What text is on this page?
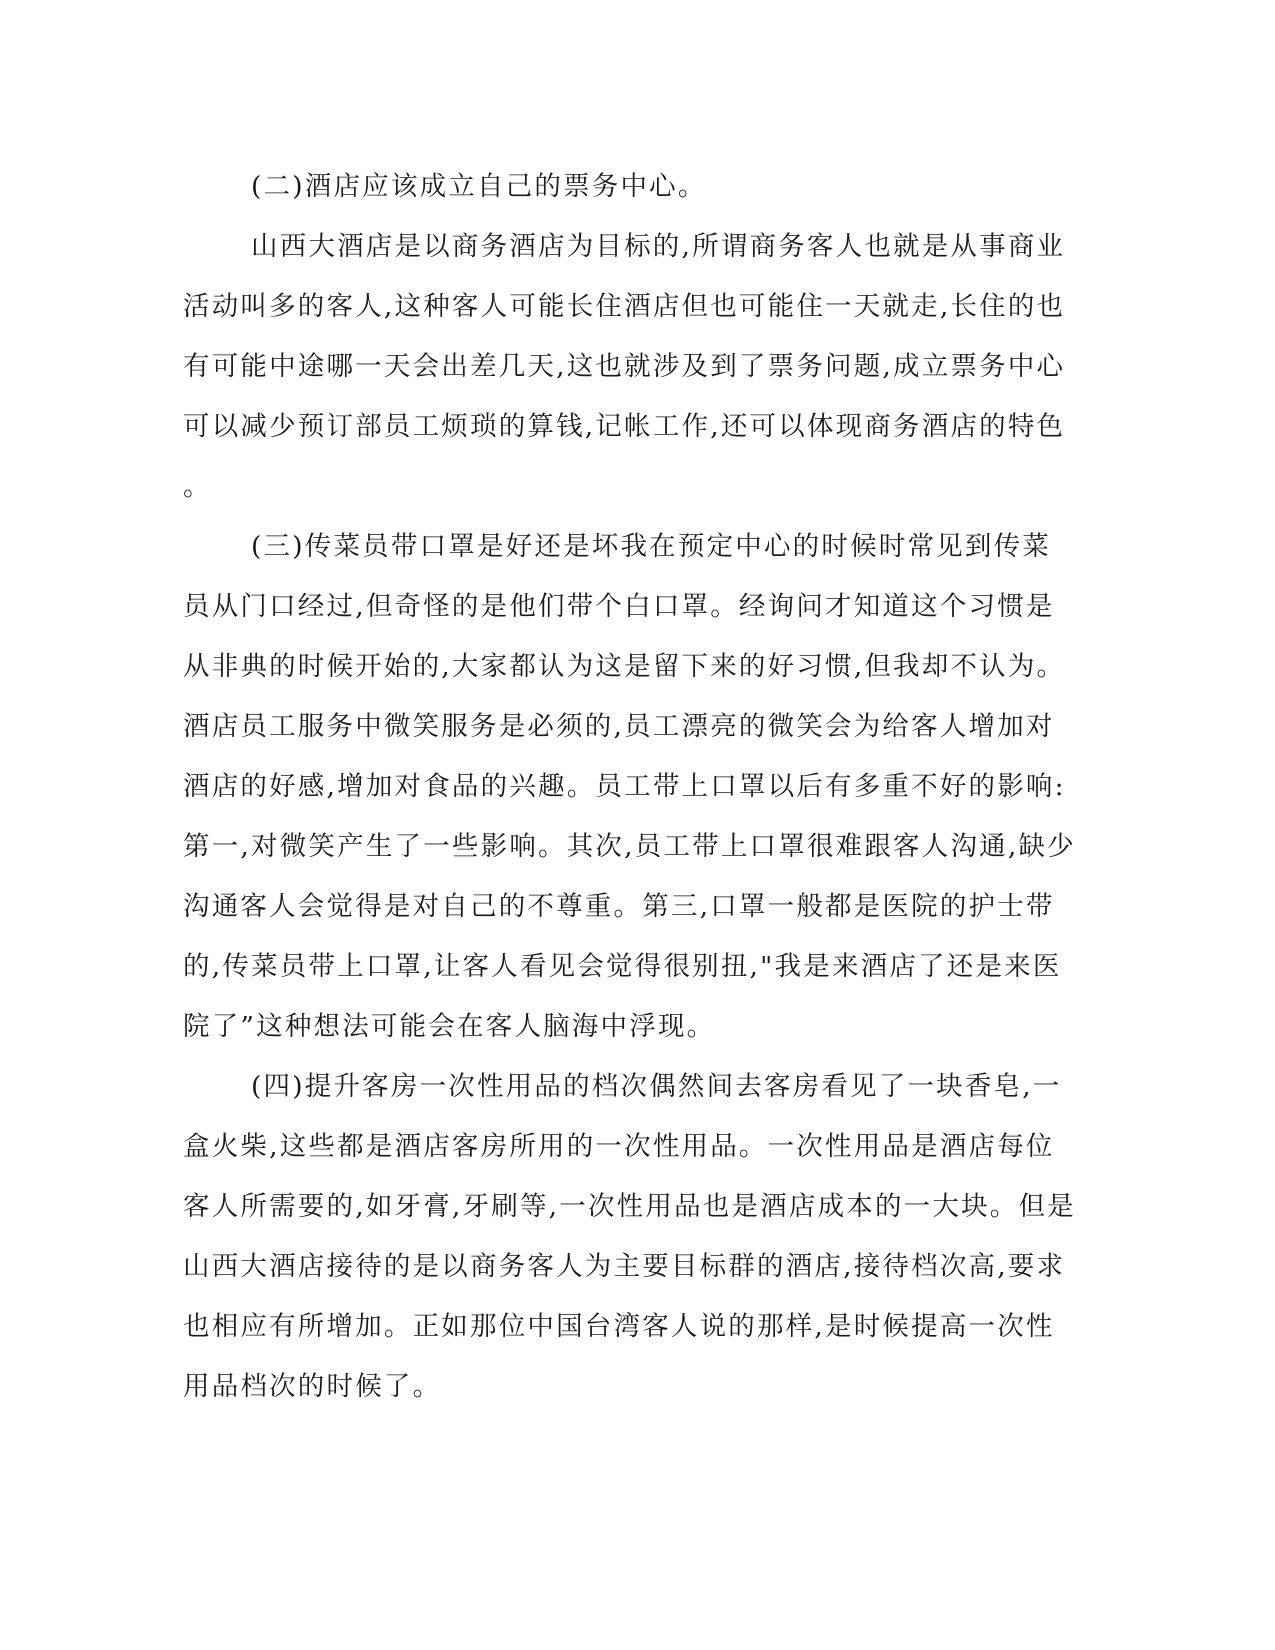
(二)酒店应该成立自己的票务中心。
山西大酒店是以商务酒店为目标的,所谓商务客人也就是从事商业
活动叫多的客人,这种客人可能长住酒店但也可能住一天就走,长住的也
有可能中途哪一天会出差几天,这也就涉及到了票务问题,成立票务中心
可以减少预订部员工烦琐的算钱,记帐工作,还可以体现商务酒店的特色
。
(三)传菜员带口罩是好还是坏我在预定中心的时候时常见到传菜
员从门口经过,但奇怪的是他们带个白口罩。经询问才知道这个习惯是
从非典的时候开始的,大家都认为这是留下来的好习惯,但我却不认为。
酒店员工服务中微笑服务是必须的,员工漂亮的微笑会为给客人增加对
酒店的好感,增加对食品的兴趣。员工带上口罩以后有多重不好的影响:
第一,对微笑产生了一些影响。其次,员工带上口罩很难跟客人沟通,缺少
沟通客人会觉得是对自己的不尊重。第三,口罩一般都是医院的护士带
的,传菜员带上口罩,让客人看见会觉得很别扭,"我是来酒店了还是来医
院了”这种想法可能会在客人脑海中浮现。
(四)提升客房一次性用品的档次偶然间去客房看见了一块香皂,一
盒火柴,这些都是酒店客房所用的一次性用品。一次性用品是酒店每位
客人所需要的,如牙膏,牙刷等,一次性用品也是酒店成本的一大块。但是
山西大酒店接待的是以商务客人为主要目标群的酒店,接待档次高,要求
也相应有所增加。正如那位中国台湾客人说的那样,是时候提高一次性
用品档次的时候了。
